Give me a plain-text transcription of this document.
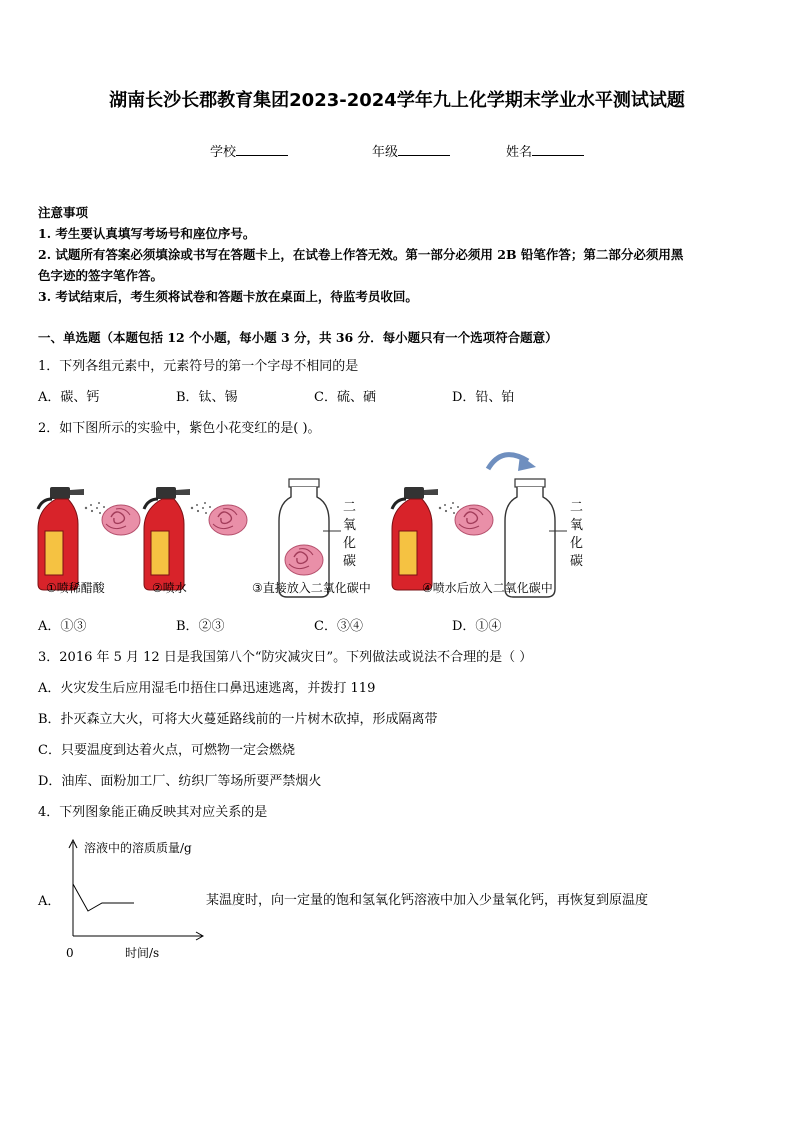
湖南长沙长郡教育集团2023-2024学年九上化学期末学业水平测试试题
学校	年级	姓名
注意事项
1. 考生要认真填写考场号和座位序号。
2. 试题所有答案必须填涂或书写在答题卡上，在试卷上作答无效。第一部分必须用 2B 铅笔作答；第二部分必须用黑
色字迹的签字笔作答。
3. 考试结束后，考生须将试卷和答题卡放在桌面上，待监考员收回。
一、单选题（本题包括 12 个小题，每小题 3 分，共 36 分．每小题只有一个选项符合题意）
1．下列各组元素中，元素符号的第一个字母不相同的是
A．碳、钙	B．钛、锡	C．硫、硒	D．铅、铂
2．如下图所示的实验中，紫色小花变红的是( )。
二
氧
化
碳
二
氧
化
碳
①喷稀醋酸	②喷水	③直接放入二氧化碳中	④喷水后放入二氧化碳中
A．①③	B．②③	C．③④	D．①④
3．2016 年 5 月 12 日是我国第八个“防灾减灾日”。下列做法或说法不合理的是（ ）
A．火灾发生后应用湿毛巾捂住口鼻迅速逃离，并拨打 119
B．扑灭森立大火，可将大火蔓延路线前的一片树木砍掉，形成隔离带
C．只要温度到达着火点，可燃物一定会燃烧
D．油库、面粉加工厂、纺织厂等场所要严禁烟火
4．下列图象能正确反映其对应关系的是
A．
溶液中的溶质质量/g
0	时间/s
某温度时，向一定量的饱和氢氧化钙溶液中加入少量氧化钙，再恢复到原温度
